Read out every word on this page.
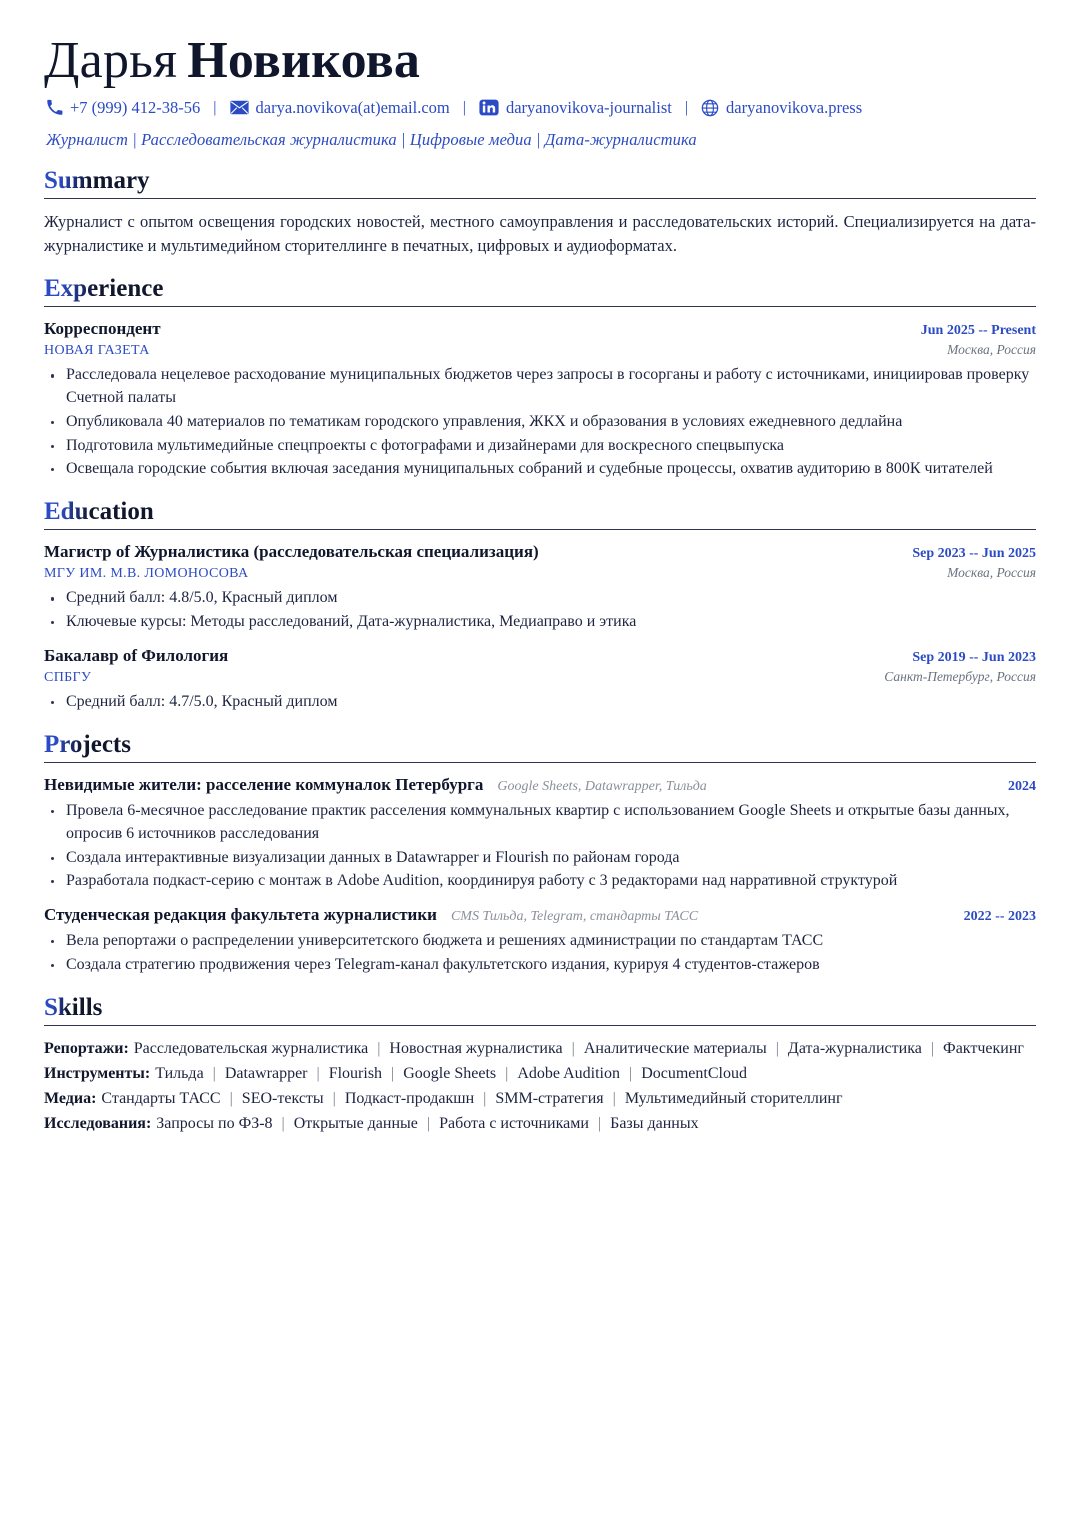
Дарья Новикова
+7 (999) 412-38-56 |	darya.novikova(at)email.com |	daryanovikova-journalist |	daryanovikova.press
Журналист | Расследовательская журналистика | Цифровые медиа | Дата-журналистика
Summary

Журналист с опытом освещения городских новостей, местного самоуправления и расследовательских историй. Специализируется на дата-журналистике и мультимедийном сторителлинге в печатных, цифровых и аудиоформатах.

Experience
Корреспондент	Jun 2025 -- Present
НОВАЯ ГАЗЕТА	Москва, Россия
Расследовала нецелевое расходование муниципальных бюджетов через запросы в госорганы и работу с источниками, инициировав проверку Счетной палаты
Опубликовала 40 материалов по тематикам городского управления, ЖКХ и образования в условиях ежедневного дедлайна
Подготовила мультимедийные спецпроекты с фотографами и дизайнерами для воскресного спецвыпуска
Освещала городские события включая заседания муниципальных собраний и судебные процессы, охватив аудиторию в 800К читателей
Education
Магистр of Журналистика (расследовательская специализация)	Sep 2023 -- Jun 2025
МГУ ИМ. М.В. ЛОМОНОСОВА	Москва, Россия
Средний балл: 4.8/5.0, Красный диплом
Ключевые курсы: Методы расследований, Дата-журналистика, Медиаправо и этика
Бакалавр of Филология	Sep 2019 -- Jun 2023
СПБГУ	Санкт-Петербург, Россия
Средний балл: 4.7/5.0, Красный диплом
Projects
Невидимые жители: расселение коммуналок Петербурга Google Sheets, Datawrapper, Тильда	2024
Провела 6-месячное расследование практик расселения коммунальных квартир с использованием Google Sheets и открытые базы данных, опросив 6 источников расследования
Создала интерактивные визуализации данных в Datawrapper и Flourish по районам города
Разработала подкаст-серию с монтаж в Adobe Audition, координируя работу с 3 редакторами над нарративной структурой
Студенческая редакция факультета журналистики CMS Тильда, Telegram, стандарты ТАСС	2022 -- 2023
Вела репортажи о распределении университетского бюджета и решениях администрации по стандартам ТАСС
Создала стратегию продвижения через Telegram-канал факультетского издания, курируя 4 студентов-стажеров
Skills
Репортажи: Расследовательская журналистика | Новостная журналистика | Аналитические материалы | Дата-журналистика | Фактчекинг
Инструменты: Тильда | Datawrapper | Flourish | Google Sheets | Adobe Audition | DocumentCloud
Медиа: Стандарты ТАСС | SEO-тексты | Подкаст-продакшн | SMM-стратегия | Мультимедийный сторителлинг
Исследования: Запросы по ФЗ-8 | Открытые данные | Работа с источниками | Базы данных
